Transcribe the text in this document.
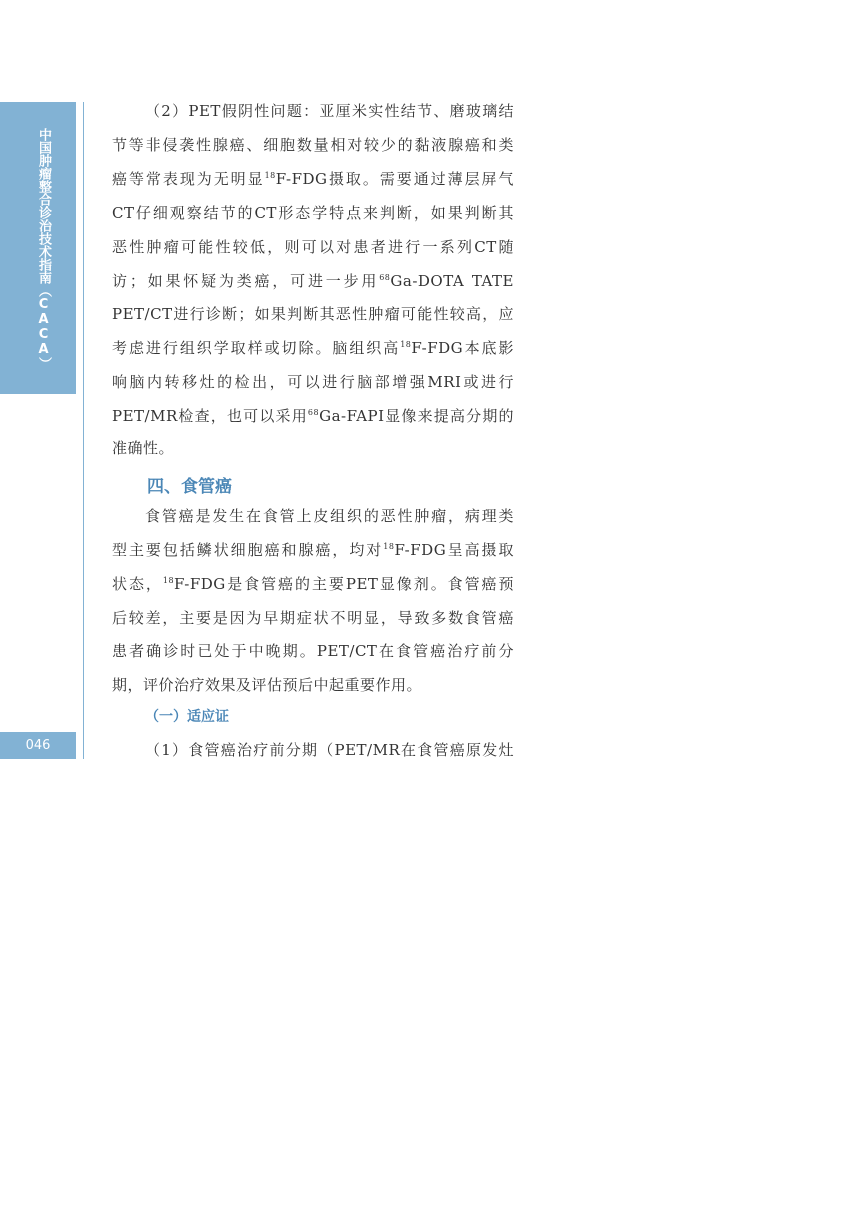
中国肿瘤整合诊治技术指南（CACA）
046
（2）PET假阴性问题：亚厘米实性结节、磨玻璃结
节等非侵袭性腺癌、细胞数量相对较少的黏液腺癌和类
癌等常表现为无明显$^{18}$F-FDG摄取。需要通过薄层屏气
CT仔细观察结节的CT形态学特点来判断，如果判断其
恶性肿瘤可能性较低，则可以对患者进行一系列CT随
访；如果怀疑为类癌，可进一步用$^{68}$Ga-DOTA TATE
PET/CT进行诊断；如果判断其恶性肿瘤可能性较高，应
考虑进行组织学取样或切除。脑组织高$^{18}$F-FDG本底影
响脑内转移灶的检出，可以进行脑部增强MRI或进行
PET/MR检查，也可以采用$^{68}$Ga-FAPI显像来提高分期的
准确性。
四、食管癌
食管癌是发生在食管上皮组织的恶性肿瘤，病理类
型主要包括鳞状细胞癌和腺癌，均对$^{18}$F-FDG呈高摄取
状态，$^{18}$F-FDG是食管癌的主要PET显像剂。食管癌预
后较差，主要是因为早期症状不明显，导致多数食管癌
患者确诊时已处于中晚期。PET/CT在食管癌治疗前分
期，评价治疗效果及评估预后中起重要作用。
（一）适应证
（1）食管癌治疗前分期（PET/MR在食管癌原发灶
